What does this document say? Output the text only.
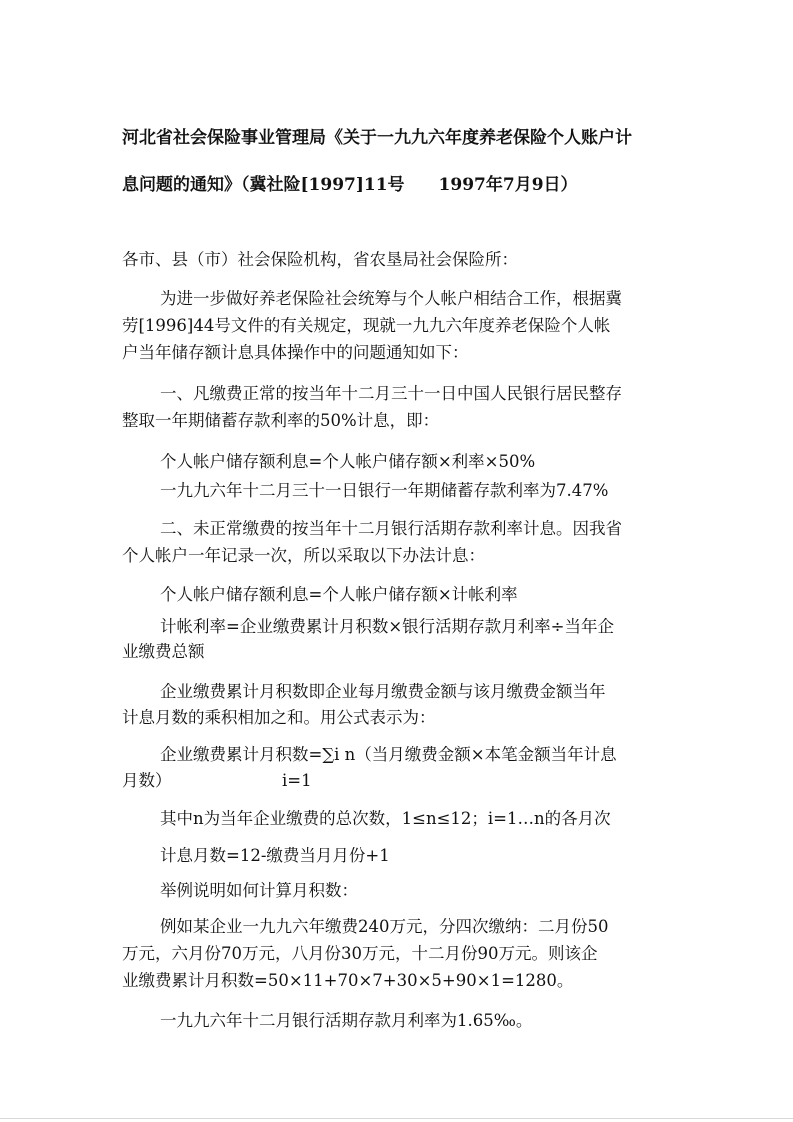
河北省社会保险事业管理局《关于一九九六年度养老保险个人账户计
息问题的通知》（冀社险[1997]11号　　1997年7月9日）
各市、县（市）社会保险机构，省农垦局社会保险所：
为进一步做好养老保险社会统筹与个人帐户相结合工作，根据冀
劳[1996]44号文件的有关规定，现就一九九六年度养老保险个人帐
户当年储存额计息具体操作中的问题通知如下：
一、凡缴费正常的按当年十二月三十一日中国人民银行居民整存
整取一年期储蓄存款利率的50%计息，即：
个人帐户储存额利息=个人帐户储存额×利率×50%
一九九六年十二月三十一日银行一年期储蓄存款利率为7.47%
二、未正常缴费的按当年十二月银行活期存款利率计息。因我省
个人帐户一年记录一次，所以采取以下办法计息：
个人帐户储存额利息=个人帐户储存额×计帐利率
计帐利率=企业缴费累计月积数×银行活期存款月利率÷当年企
业缴费总额
企业缴费累计月积数即企业每月缴费金额与该月缴费金额当年
计息月数的乘积相加之和。用公式表示为：
企业缴费累计月积数=∑i n（当月缴费金额×本笔金额当年计息
月数）	i=1
其中n为当年企业缴费的总次数，1≤n≤12；i=1…n的各月次
计息月数=12-缴费当月月份+1
举例说明如何计算月积数：
例如某企业一九九六年缴费240万元，分四次缴纳：二月份50
万元，六月份70万元，八月份30万元，十二月份90万元。则该企
业缴费累计月积数=50×11+70×7+30×5+90×1=1280。
一九九六年十二月银行活期存款月利率为1.65‰。
